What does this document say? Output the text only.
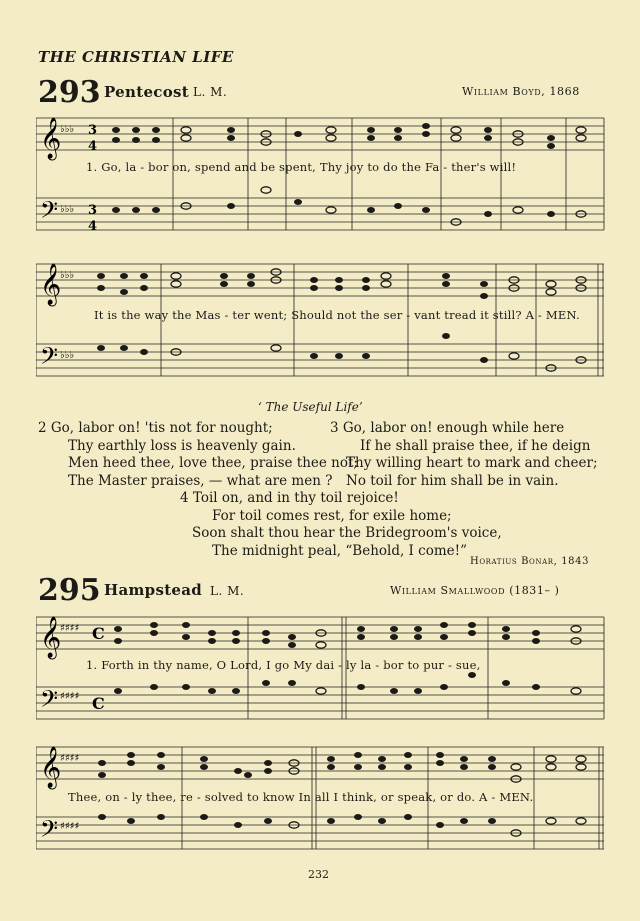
THE CHRISTIAN LIFE
293 Pentecost L. M.	William Boyd, 1868
𝄞
𝄢
♭♭♭
♭♭♭
3
4
3
4
1. Go, la - bor on, spend and be spent, Thy joy to do the Fa - ther's will!
𝄞
𝄢
♭♭♭
♭♭♭
It is the way the Mas - ter went; Should not the ser - vant tread it still? A - MEN.
‘ The Useful Life’
2 Go, labor on! 'tis not for nought;
Thy earthly loss is heavenly gain.
Men heed thee, love thee, praise thee not;
The Master praises, — what are men ?
3 Go, labor on! enough while here
If he shall praise thee, if he deign
Thy willing heart to mark and cheer;
No toil for him shall be in vain.
4 Toil on, and in thy toil rejoice!
For toil comes rest, for exile home;
Soon shalt thou hear the Bridegroom's voice,
The midnight peal, “Behold, I come!”
Horatius Bonar, 1843
295 Hampstead L. M.	William Smallwood (1831– )
𝄞
𝄢
♯♯♯♯
♯♯♯♯
C
C
1. Forth in thy name, O Lord, I go My dai - ly la - bor to pur - sue,
𝄞
𝄢
♯♯♯♯
♯♯♯♯
Thee, on - ly thee, re - solved to know In all I think, or speak, or do. A - MEN.
232
